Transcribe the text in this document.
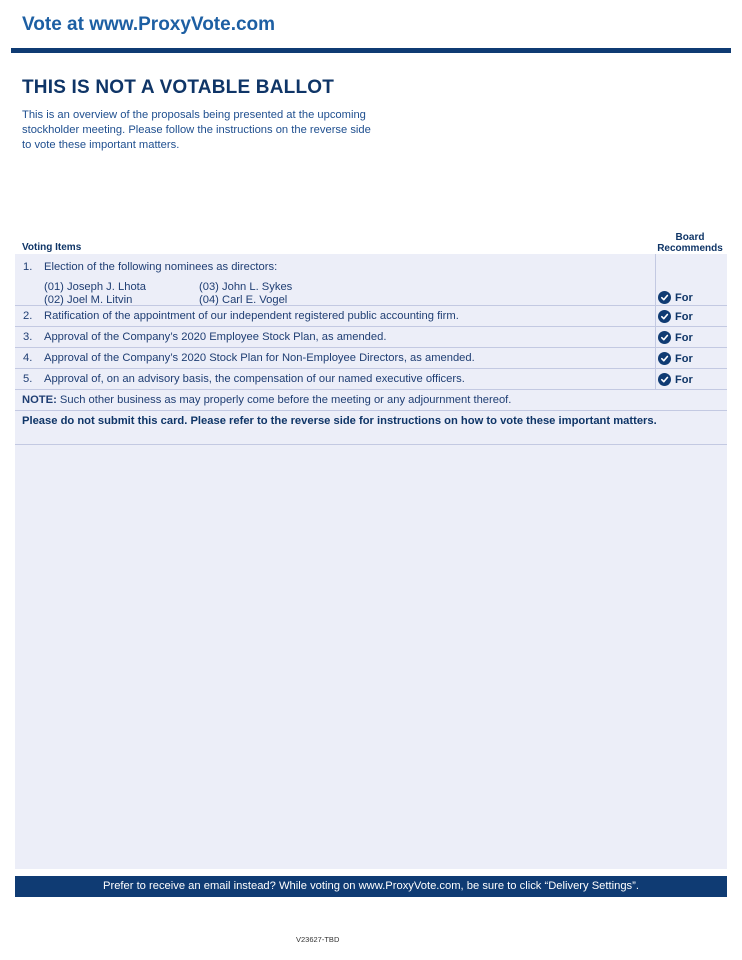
Vote at www.ProxyVote.com
THIS IS NOT A VOTABLE BALLOT
This is an overview of the proposals being presented at the upcoming stockholder meeting. Please follow the instructions on the reverse side to vote these important matters.
Board
Recommends
Voting Items
1. Election of the following nominees as directors:
(01) Joseph J. Lhota
(02) Joel M. Litvin
(03) John L. Sykes
(04) Carl E. Vogel	For
2. Ratification of the appointment of our independent registered public accounting firm.	For
3. Approval of the Company’s 2020 Employee Stock Plan, as amended.	For
4. Approval of the Company’s 2020 Stock Plan for Non-Employee Directors, as amended.	For
5. Approval of, on an advisory basis, the compensation of our named executive officers.	For
NOTE: Such other business as may properly come before the meeting or any adjournment thereof.
Please do not submit this card. Please refer to the reverse side for instructions on how to vote these important matters.
Prefer to receive an email instead? While voting on www.ProxyVote.com, be sure to click “Delivery Settings”.
V23627-TBD
